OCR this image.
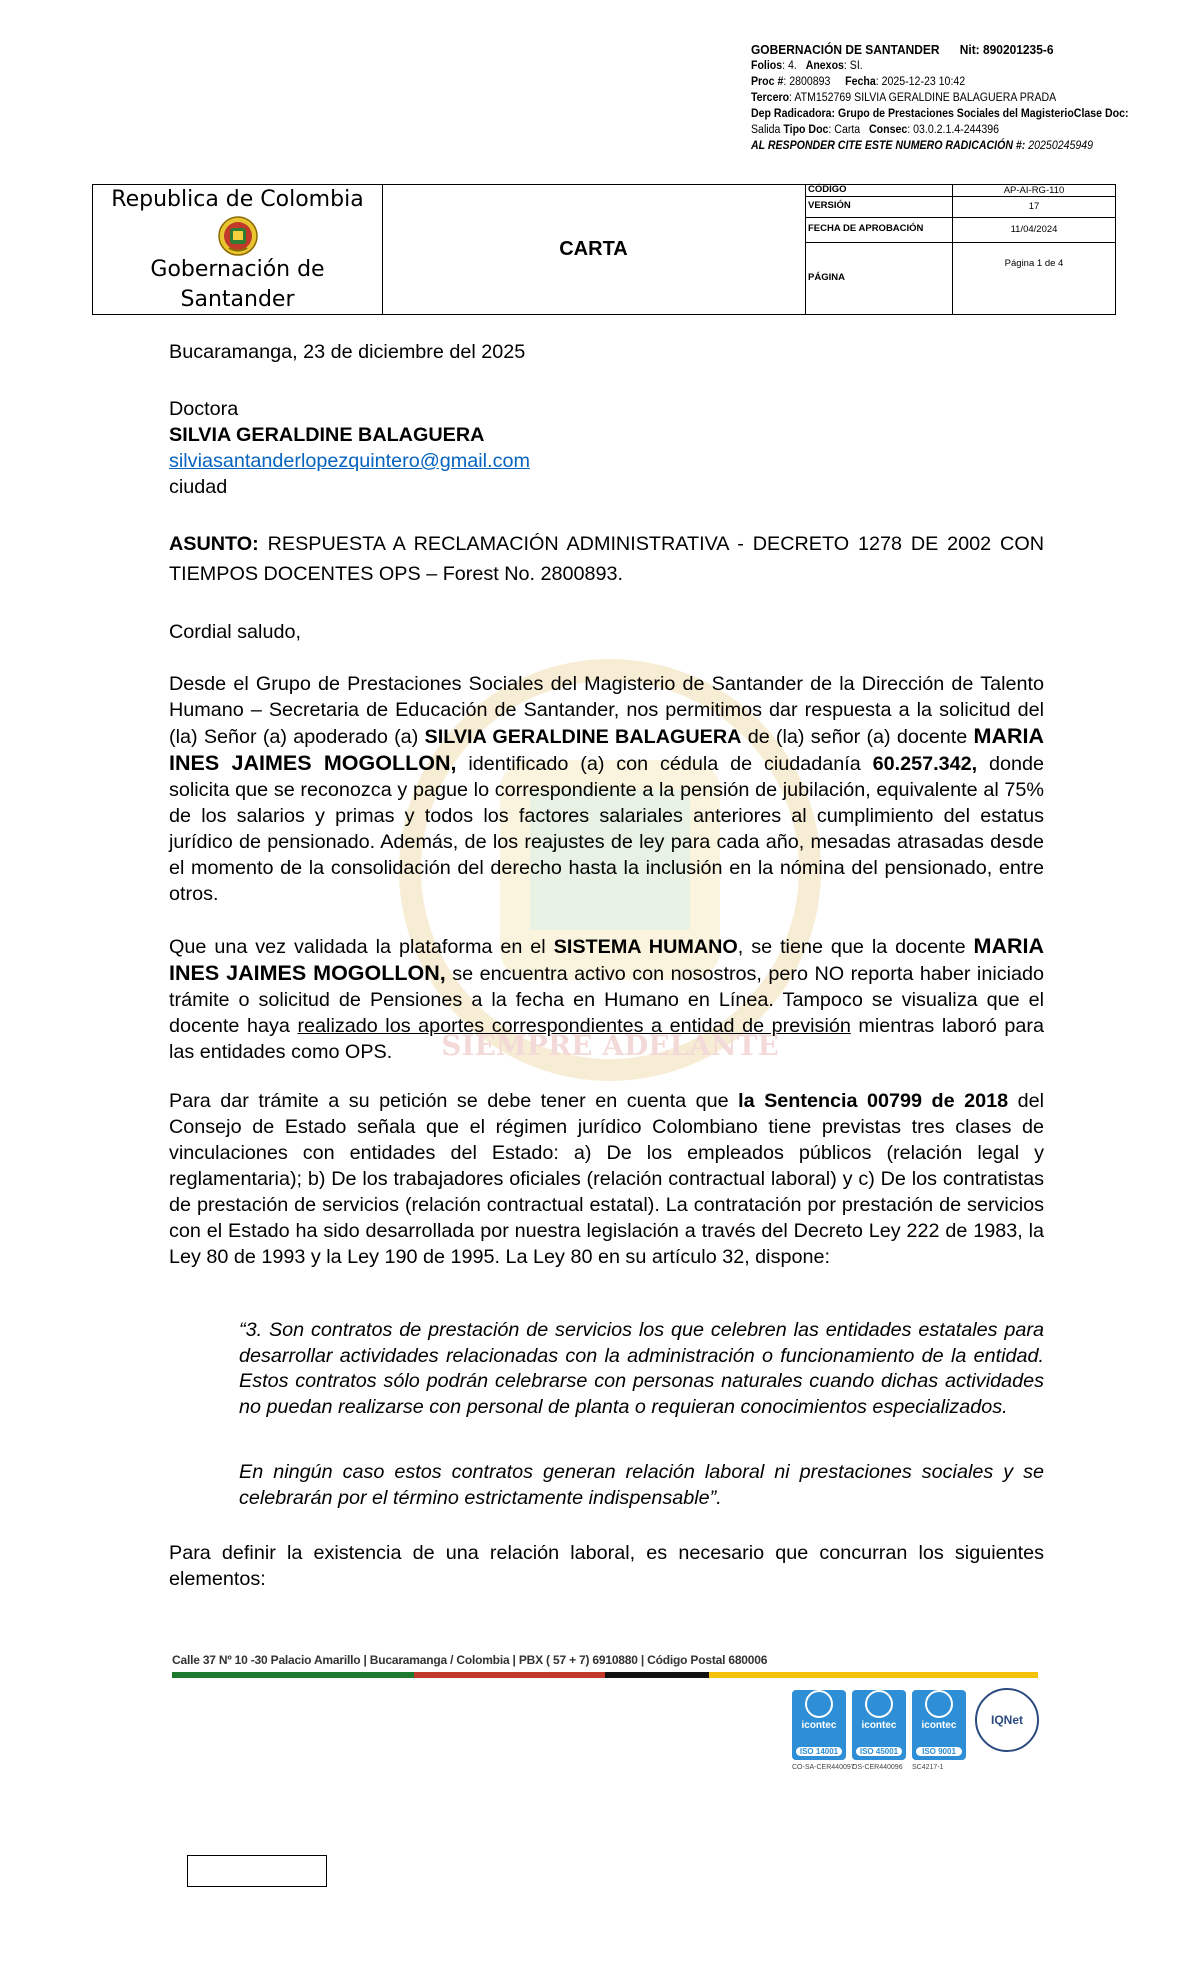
GOBERNACIÓN DE SANTANDER Nit: 890201235-6
Folios: 4. Anexos: SI.
Proc #: 2800893 Fecha: 2025-12-23 10:42
Tercero: ATM152769 SILVIA GERALDINE BALAGUERA PRADA
Dep Radicadora: Grupo de Prestaciones Sociales del MagisterioClase Doc:
Salida Tipo Doc: Carta Consec: 03.0.2.1.4-244396
AL RESPONDER CITE ESTE NUMERO RADICACIÓN #: 20250245949
Republica de Colombia
Gobernación de Santander
CARTA
CÓDIGO	AP-AI-RG-110
VERSIÓN	17
FECHA DE APROBACIÓN	11/04/2024
PÁGINA
Página 1 de 4
SIEMPRE ADELANTE
Bucaramanga, 23 de diciembre del 2025
Doctora
SILVIA GERALDINE BALAGUERA
silviasantanderlopezquintero@gmail.com
ciudad

ASUNTO: RESPUESTA A RECLAMACIÓN ADMINISTRATIVA - DECRETO 1278 DE 2002 CON TIEMPOS DOCENTES OPS – Forest No. 2800893.

Cordial saludo,

Desde el Grupo de Prestaciones Sociales del Magisterio de Santander de la Dirección de Talento Humano – Secretaria de Educación de Santander, nos permitimos dar respuesta a la solicitud del (la) Señor (a) apoderado (a) SILVIA GERALDINE BALAGUERA de (la) señor (a) docente MARIA INES JAIMES MOGOLLON, identificado (a) con cédula de ciudadanía 60.257.342, donde solicita que se reconozca y pague lo correspondiente a la pensión de jubilación, equivalente al 75% de los salarios y primas y todos los factores salariales anteriores al cumplimiento del estatus jurídico de pensionado. Además, de los reajustes de ley para cada año, mesadas atrasadas desde el momento de la consolidación del derecho hasta la inclusión en la nómina del pensionado, entre otros.

Que una vez validada la plataforma en el SISTEMA HUMANO, se tiene que la docente MARIA INES JAIMES MOGOLLON, se encuentra activo con nosostros, pero NO reporta haber iniciado trámite o solicitud de Pensiones a la fecha en Humano en Línea. Tampoco se visualiza que el docente haya realizado los aportes correspondientes a entidad de previsión mientras laboró para las entidades como OPS.

Para dar trámite a su petición se debe tener en cuenta que la Sentencia 00799 de 2018 del Consejo de Estado señala que el régimen jurídico Colombiano tiene previstas tres clases de vinculaciones con entidades del Estado: a) De los empleados públicos (relación legal y reglamentaria); b) De los trabajadores oficiales (relación contractual laboral) y c) De los contratistas de prestación de servicios (relación contractual estatal). La contratación por prestación de servicios con el Estado ha sido desarrollada por nuestra legislación a través del Decreto Ley 222 de 1983, la Ley 80 de 1993 y la Ley 190 de 1995. La Ley 80 en su artículo 32, dispone:

“3. Son contratos de prestación de servicios los que celebren las entidades estatales para desarrollar actividades relacionadas con la administración o funcionamiento de la entidad. Estos contratos sólo podrán celebrarse con personas naturales cuando dichas actividades no puedan realizarse con personal de planta o requieran conocimientos especializados.

En ningún caso estos contratos generan relación laboral ni prestaciones sociales y se celebrarán por el término estrictamente indispensable”.

Para definir la existencia de una relación laboral, es necesario que concurran los siguientes elementos:

Calle 37 Nº 10 -30 Palacio Amarillo | Bucaramanga / Colombia | PBX ( 57 + 7) 6910880 | Código Postal 680006
icontec
ISO 14001
CO-SA-CER440097
icontec
ISO 45001
OS-CER440096
icontec
ISO 9001
SC4217-1
IQNet
